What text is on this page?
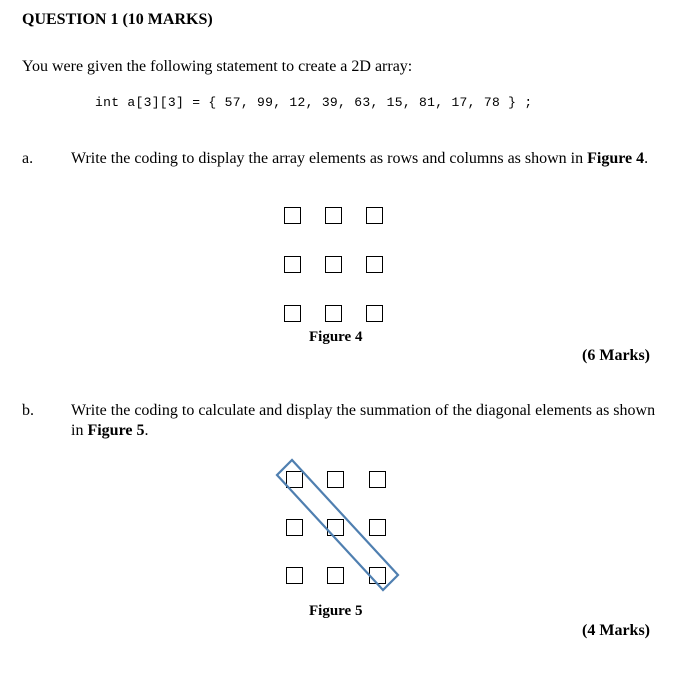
QUESTION 1 (10 MARKS)
You were given the following statement to create a 2D array:
int a[3][3] = { 57, 99, 12, 39, 63, 15, 81, 17, 78 } ;
a. Write the coding to display the array elements as rows and columns as shown in Figure 4.
Figure 4
(6 Marks)
b. Write the coding to calculate and display the summation of the diagonal elements as shown
in Figure 5.
Figure 5
(4 Marks)
